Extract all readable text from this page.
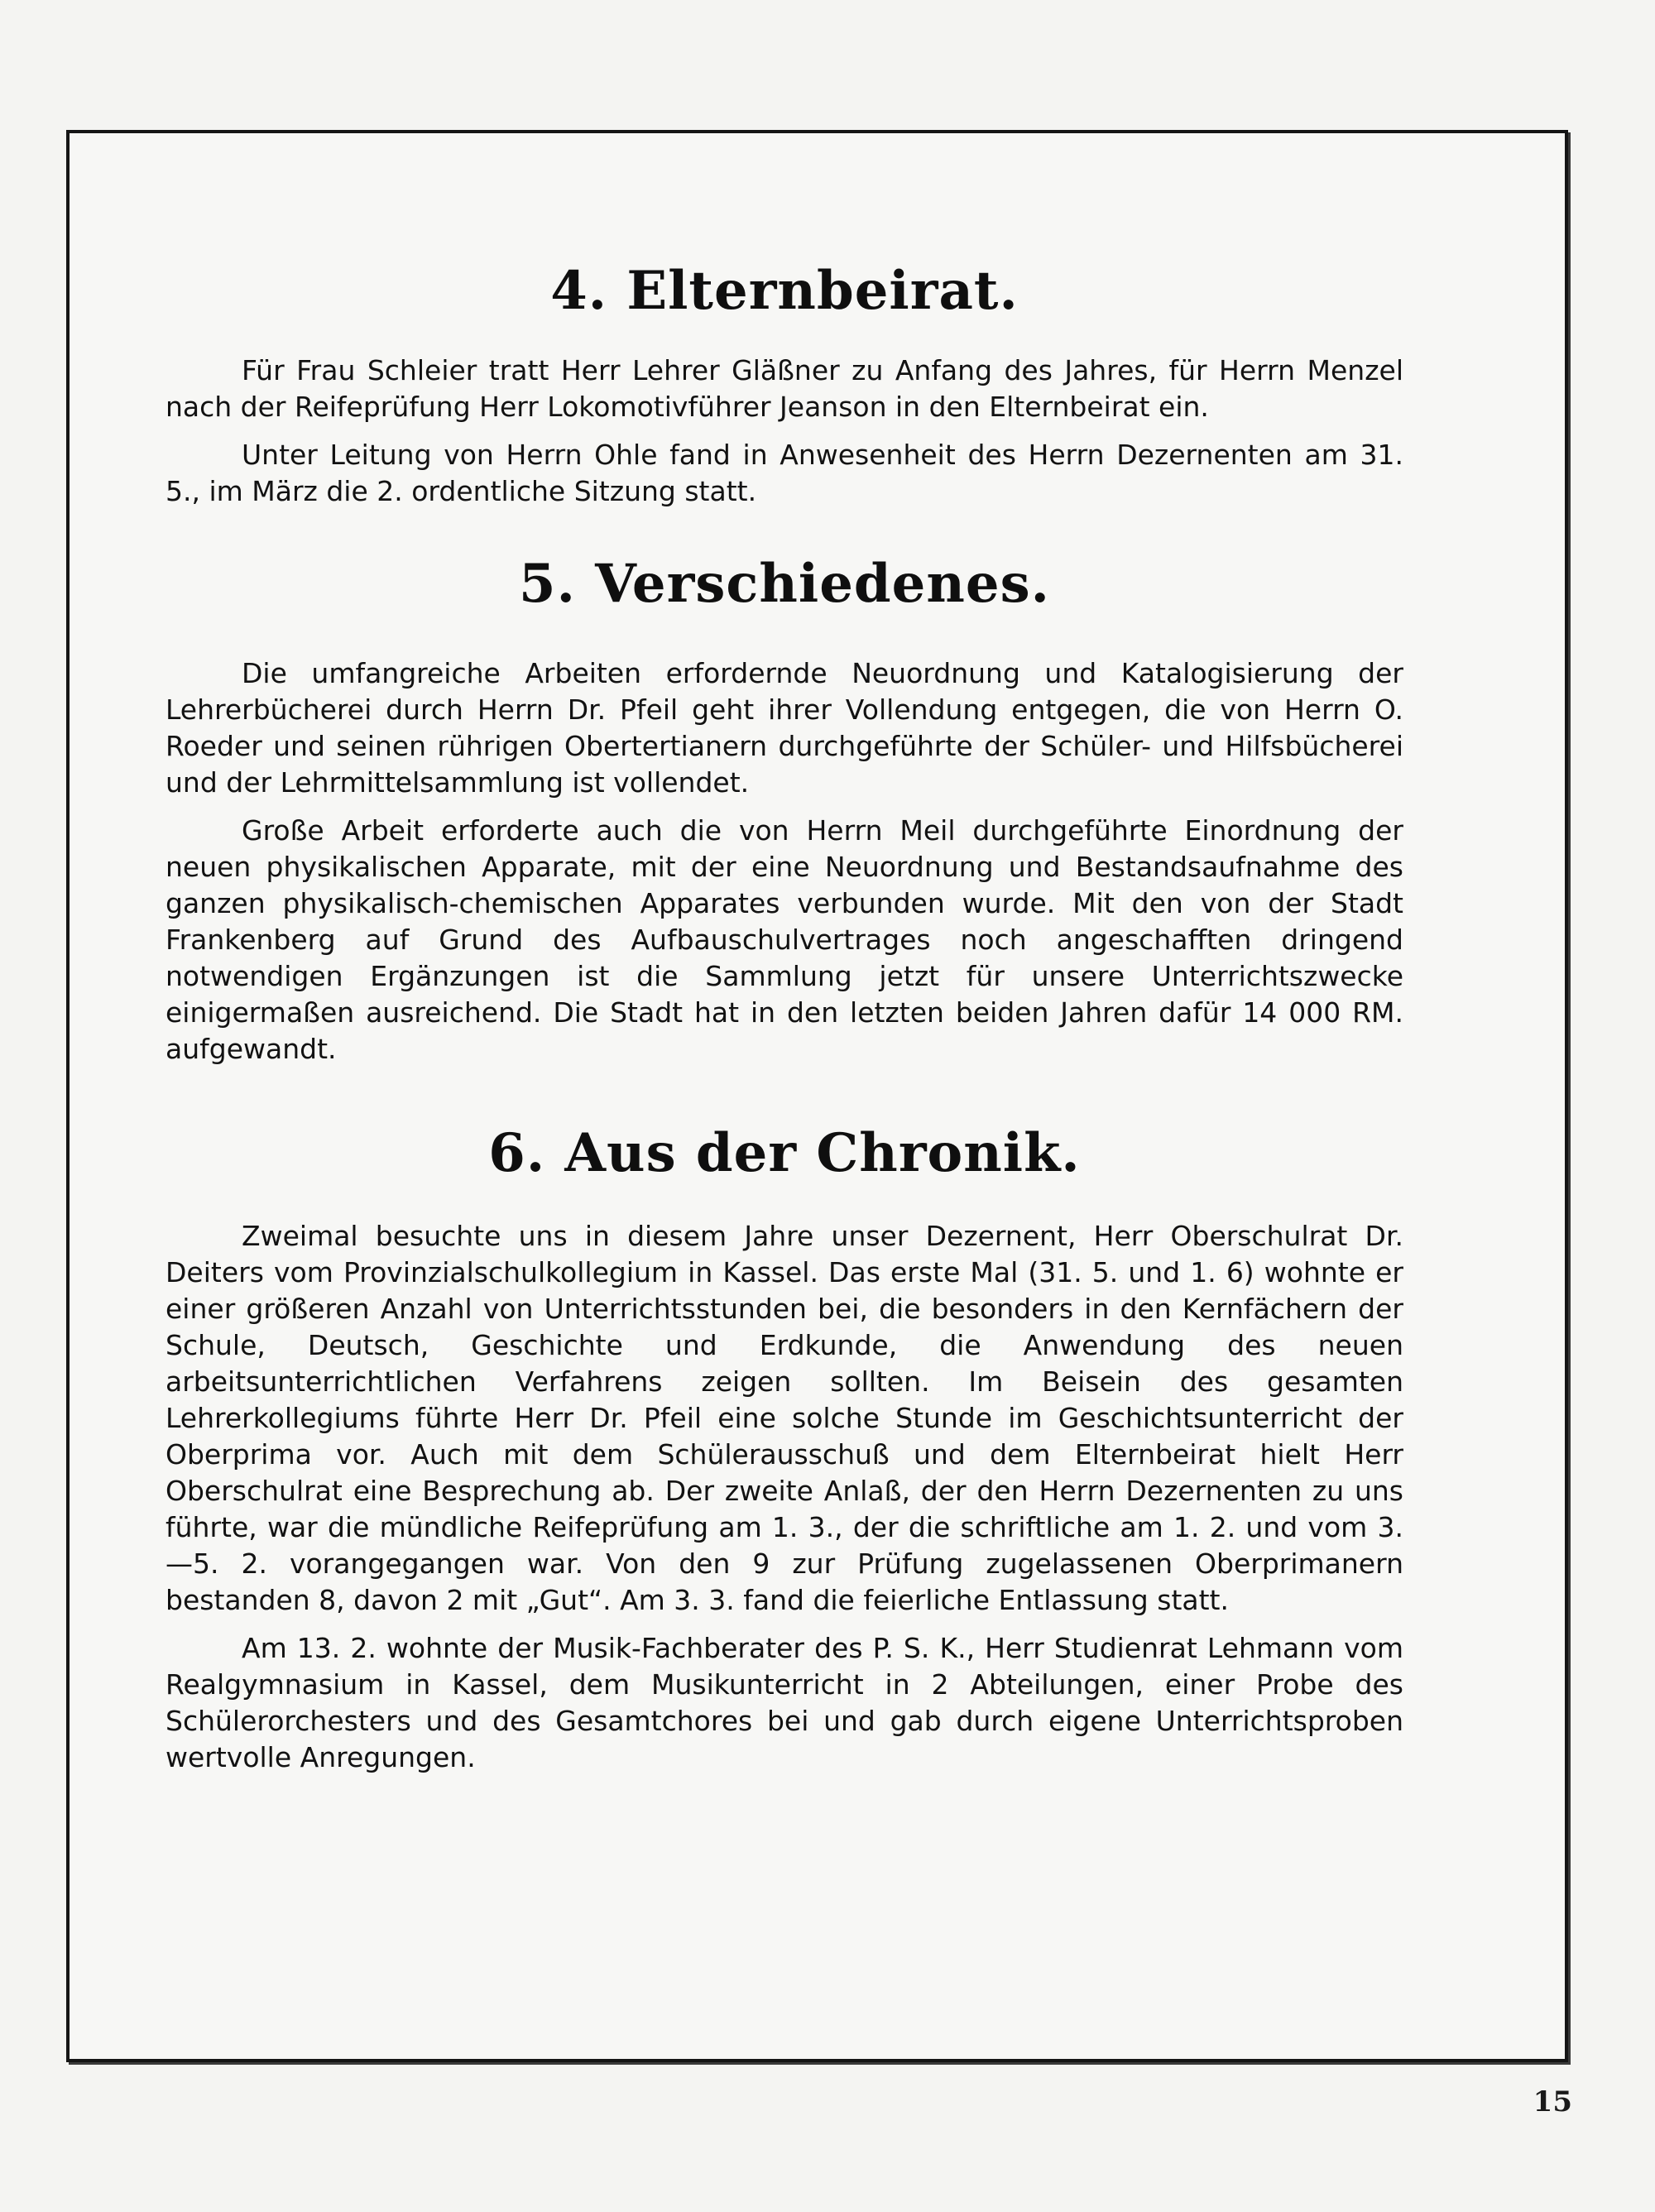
4. Elternbeirat.

Für Frau Schleier tratt Herr Lehrer Gläßner zu Anfang des Jahres, für Herrn Menzel nach der Reifeprüfung Herr Lokomotivführer Jeanson in den Elternbeirat ein.

Unter Leitung von Herrn Ohle fand in Anwesenheit des Herrn Dezernenten am 31. 5., im März die 2. ordentliche Sitzung statt.

5. Verschiedenes.

Die umfangreiche Arbeiten erfordernde Neuordnung und Katalogisierung der Lehrerbücherei durch Herrn Dr. Pfeil geht ihrer Vollendung entgegen, die von Herrn O. Roeder und seinen rührigen Obertertianern durchgeführte der Schüler- und Hilfsbücherei und der Lehrmittelsammlung ist vollendet.

Große Arbeit erforderte auch die von Herrn Meil durchgeführte Einordnung der neuen physikalischen Apparate, mit der eine Neuordnung und Bestandsaufnahme des ganzen physikalisch-chemischen Apparates verbunden wurde. Mit den von der Stadt Frankenberg auf Grund des Aufbauschulvertrages noch angeschafften dringend notwendigen Ergänzungen ist die Sammlung jetzt für unsere Unterrichtszwecke einigermaßen ausreichend. Die Stadt hat in den letzten beiden Jahren dafür 14 000 RM. aufgewandt.

6. Aus der Chronik.

Zweimal besuchte uns in diesem Jahre unser Dezernent, Herr Oberschulrat Dr. Deiters vom Provinzialschulkollegium in Kassel. Das erste Mal (31. 5. und 1. 6) wohnte er einer größeren Anzahl von Unterrichtsstunden bei, die besonders in den Kernfächern der Schule, Deutsch, Geschichte und Erdkunde, die Anwendung des neuen arbeitsunterrichtlichen Verfahrens zeigen sollten. Im Beisein des gesamten Lehrerkollegiums führte Herr Dr. Pfeil eine solche Stunde im Geschichtsunterricht der Oberprima vor. Auch mit dem Schülerausschuß und dem Elternbeirat hielt Herr Oberschulrat eine Besprechung ab. Der zweite Anlaß, der den Herrn Dezernenten zu uns führte, war die mündliche Reifeprüfung am 1. 3., der die schriftliche am 1. 2. und vom 3.—5. 2. vorangegangen war. Von den 9 zur Prüfung zugelassenen Oberprimanern bestanden 8, davon 2 mit „Gut“. Am 3. 3. fand die feierliche Entlassung statt.

Am 13. 2. wohnte der Musik-Fachberater des P. S. K., Herr Studienrat Lehmann vom Realgymnasium in Kassel, dem Musikunterricht in 2 Abteilungen, einer Probe des Schülerorchesters und des Gesamtchores bei und gab durch eigene Unterrichtsproben wertvolle Anregungen.

15
